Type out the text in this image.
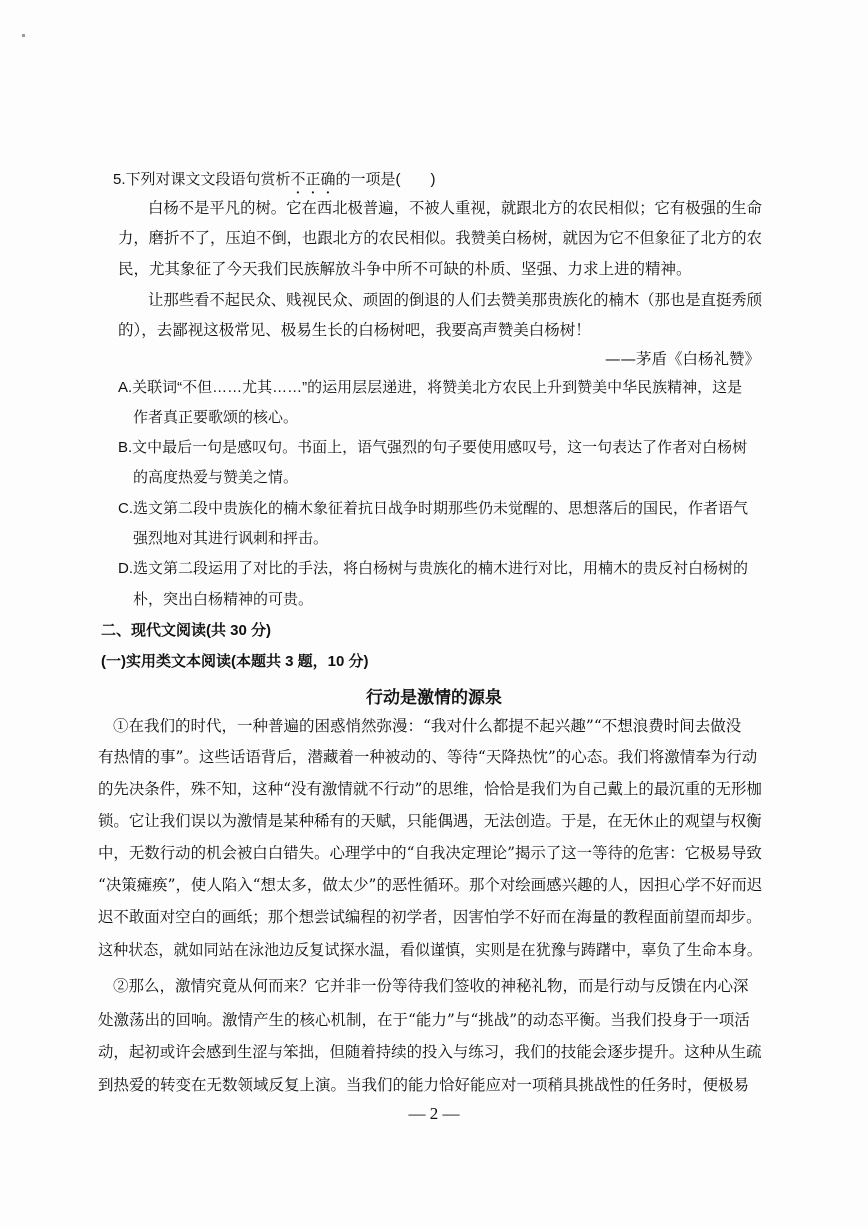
5.下列对课文文段语句赏析不正确的一项是(　　)
白杨不是平凡的树。它在西北极普遍，不被人重视，就跟北方的农民相似；它有极强的生命
力，磨折不了，压迫不倒，也跟北方的农民相似。我赞美白杨树，就因为它不但象征了北方的农
民，尤其象征了今天我们民族解放斗争中所不可缺的朴质、坚强、力求上进的精神。
让那些看不起民众、贱视民众、顽固的倒退的人们去赞美那贵族化的楠木（那也是直挺秀颀
的），去鄙视这极常见、极易生长的白杨树吧，我要高声赞美白杨树！
——茅盾《白杨礼赞》
A.关联词“不但……尤其……”的运用层层递进，将赞美北方农民上升到赞美中华民族精神，这是
作者真正要歌颂的核心。
B.文中最后一句是感叹句。书面上，语气强烈的句子要使用感叹号，这一句表达了作者对白杨树
的高度热爱与赞美之情。
C.选文第二段中贵族化的楠木象征着抗日战争时期那些仍未觉醒的、思想落后的国民，作者语气
强烈地对其进行讽刺和抨击。
D.选文第二段运用了对比的手法，将白杨树与贵族化的楠木进行对比，用楠木的贵反衬白杨树的
朴，突出白杨精神的可贵。
二、现代文阅读(共 30 分)
(一)实用类文本阅读(本题共 3 题，10 分)
行动是激情的源泉
①在我们的时代，一种普遍的困惑悄然弥漫：“我对什么都提不起兴趣”“不想浪费时间去做没
有热情的事”。这些话语背后，潜藏着一种被动的、等待“天降热忱”的心态。我们将激情奉为行动
的先决条件，殊不知，这种“没有激情就不行动”的思维，恰恰是我们为自己戴上的最沉重的无形枷
锁。它让我们误以为激情是某种稀有的天赋，只能偶遇，无法创造。于是，在无休止的观望与权衡
中，无数行动的机会被白白错失。心理学中的“自我决定理论”揭示了这一等待的危害：它极易导致
“决策瘫痪”，使人陷入“想太多，做太少”的恶性循环。那个对绘画感兴趣的人，因担心学不好而迟
迟不敢面对空白的画纸；那个想尝试编程的初学者，因害怕学不好而在海量的教程面前望而却步。
这种状态，就如同站在泳池边反复试探水温，看似谨慎，实则是在犹豫与踌躇中，辜负了生命本身。
②那么，激情究竟从何而来？它并非一份等待我们签收的神秘礼物，而是行动与反馈在内心深
处激荡出的回响。激情产生的核心机制，在于“能力”与“挑战”的动态平衡。当我们投身于一项活
动，起初或许会感到生涩与笨拙，但随着持续的投入与练习，我们的技能会逐步提升。这种从生疏
到热爱的转变在无数领域反复上演。当我们的能力恰好能应对一项稍具挑战性的任务时，便极易
— 2 —
